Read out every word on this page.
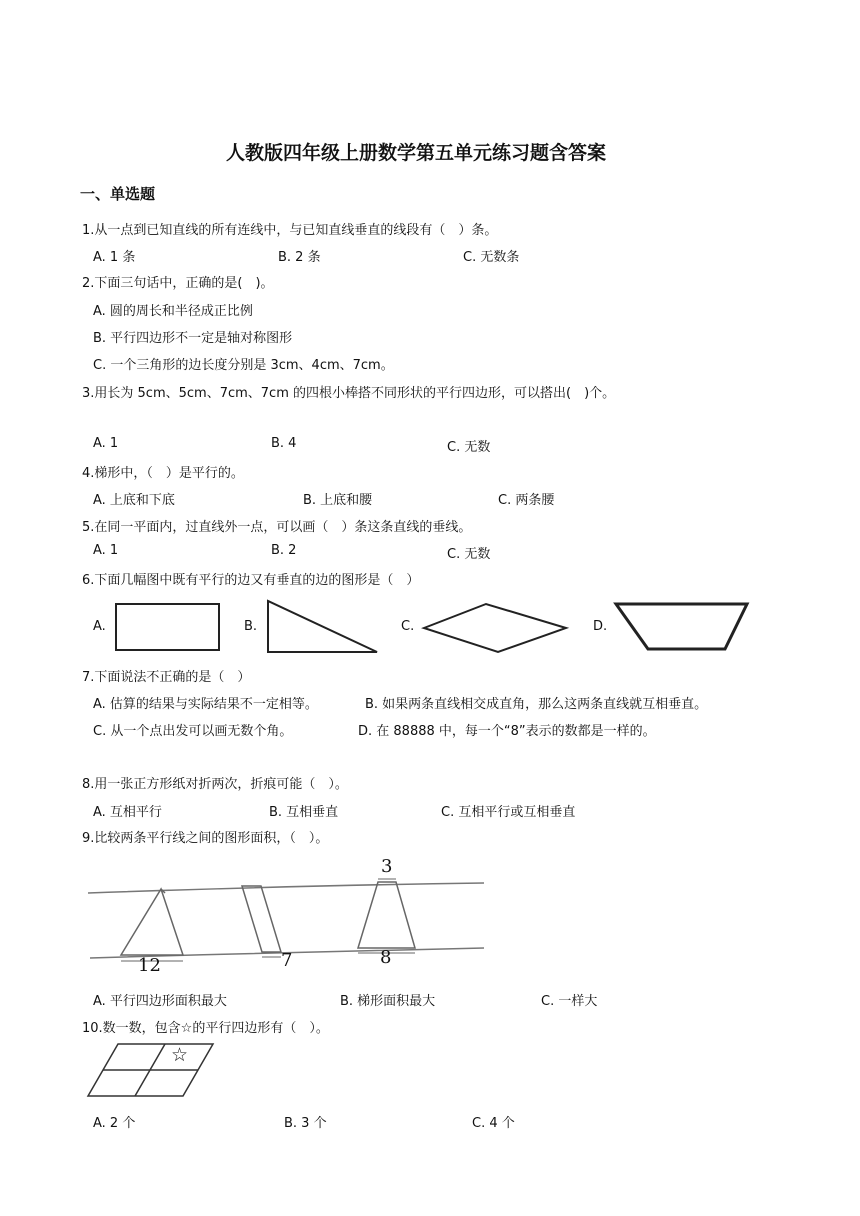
人教版四年级上册数学第五单元练习题含答案
一、单选题
1.从一点到已知直线的所有连线中，与已知直线垂直的线段有（　）条。
A. 1 条	B. 2 条	C. 无数条
2.下面三句话中，正确的是(　)。
A. 圆的周长和半径成正比例
B. 平行四边形不一定是轴对称图形
C. 一个三角形的边长度分别是 3cm、4cm、7cm。
3.用长为 5cm、5cm、7cm、7cm 的四根小棒搭不同形状的平行四边形，可以搭出(　)个。
A. 1	B. 4	C. 无数
4.梯形中，（　）是平行的。
A. 上底和下底	B. 上底和腰	C. 两条腰
5.在同一平面内，过直线外一点，可以画（　）条这条直线的垂线。
A. 1	B. 2	C. 无数
6.下面几幅图中既有平行的边又有垂直的边的图形是（　）
A.	B.	C.	D.
7.下面说法不正确的是（　）
A. 估算的结果与实际结果不一定相等。	B. 如果两条直线相交成直角，那么这两条直线就互相垂直。
C. 从一个点出发可以画无数个角。	D. 在 88888 中，每一个“8”表示的数都是一样的。
8.用一张正方形纸对折两次，折痕可能（　）。
A. 互相平行	B. 互相垂直	C. 互相平行或互相垂直
9.比较两条平行线之间的图形面积，（　）。
12	7
3
8
A. 平行四边形面积最大	B. 梯形面积最大	C. 一样大
10.数一数，包含☆的平行四边形有（　）。
☆
A. 2 个	B. 3 个	C. 4 个
